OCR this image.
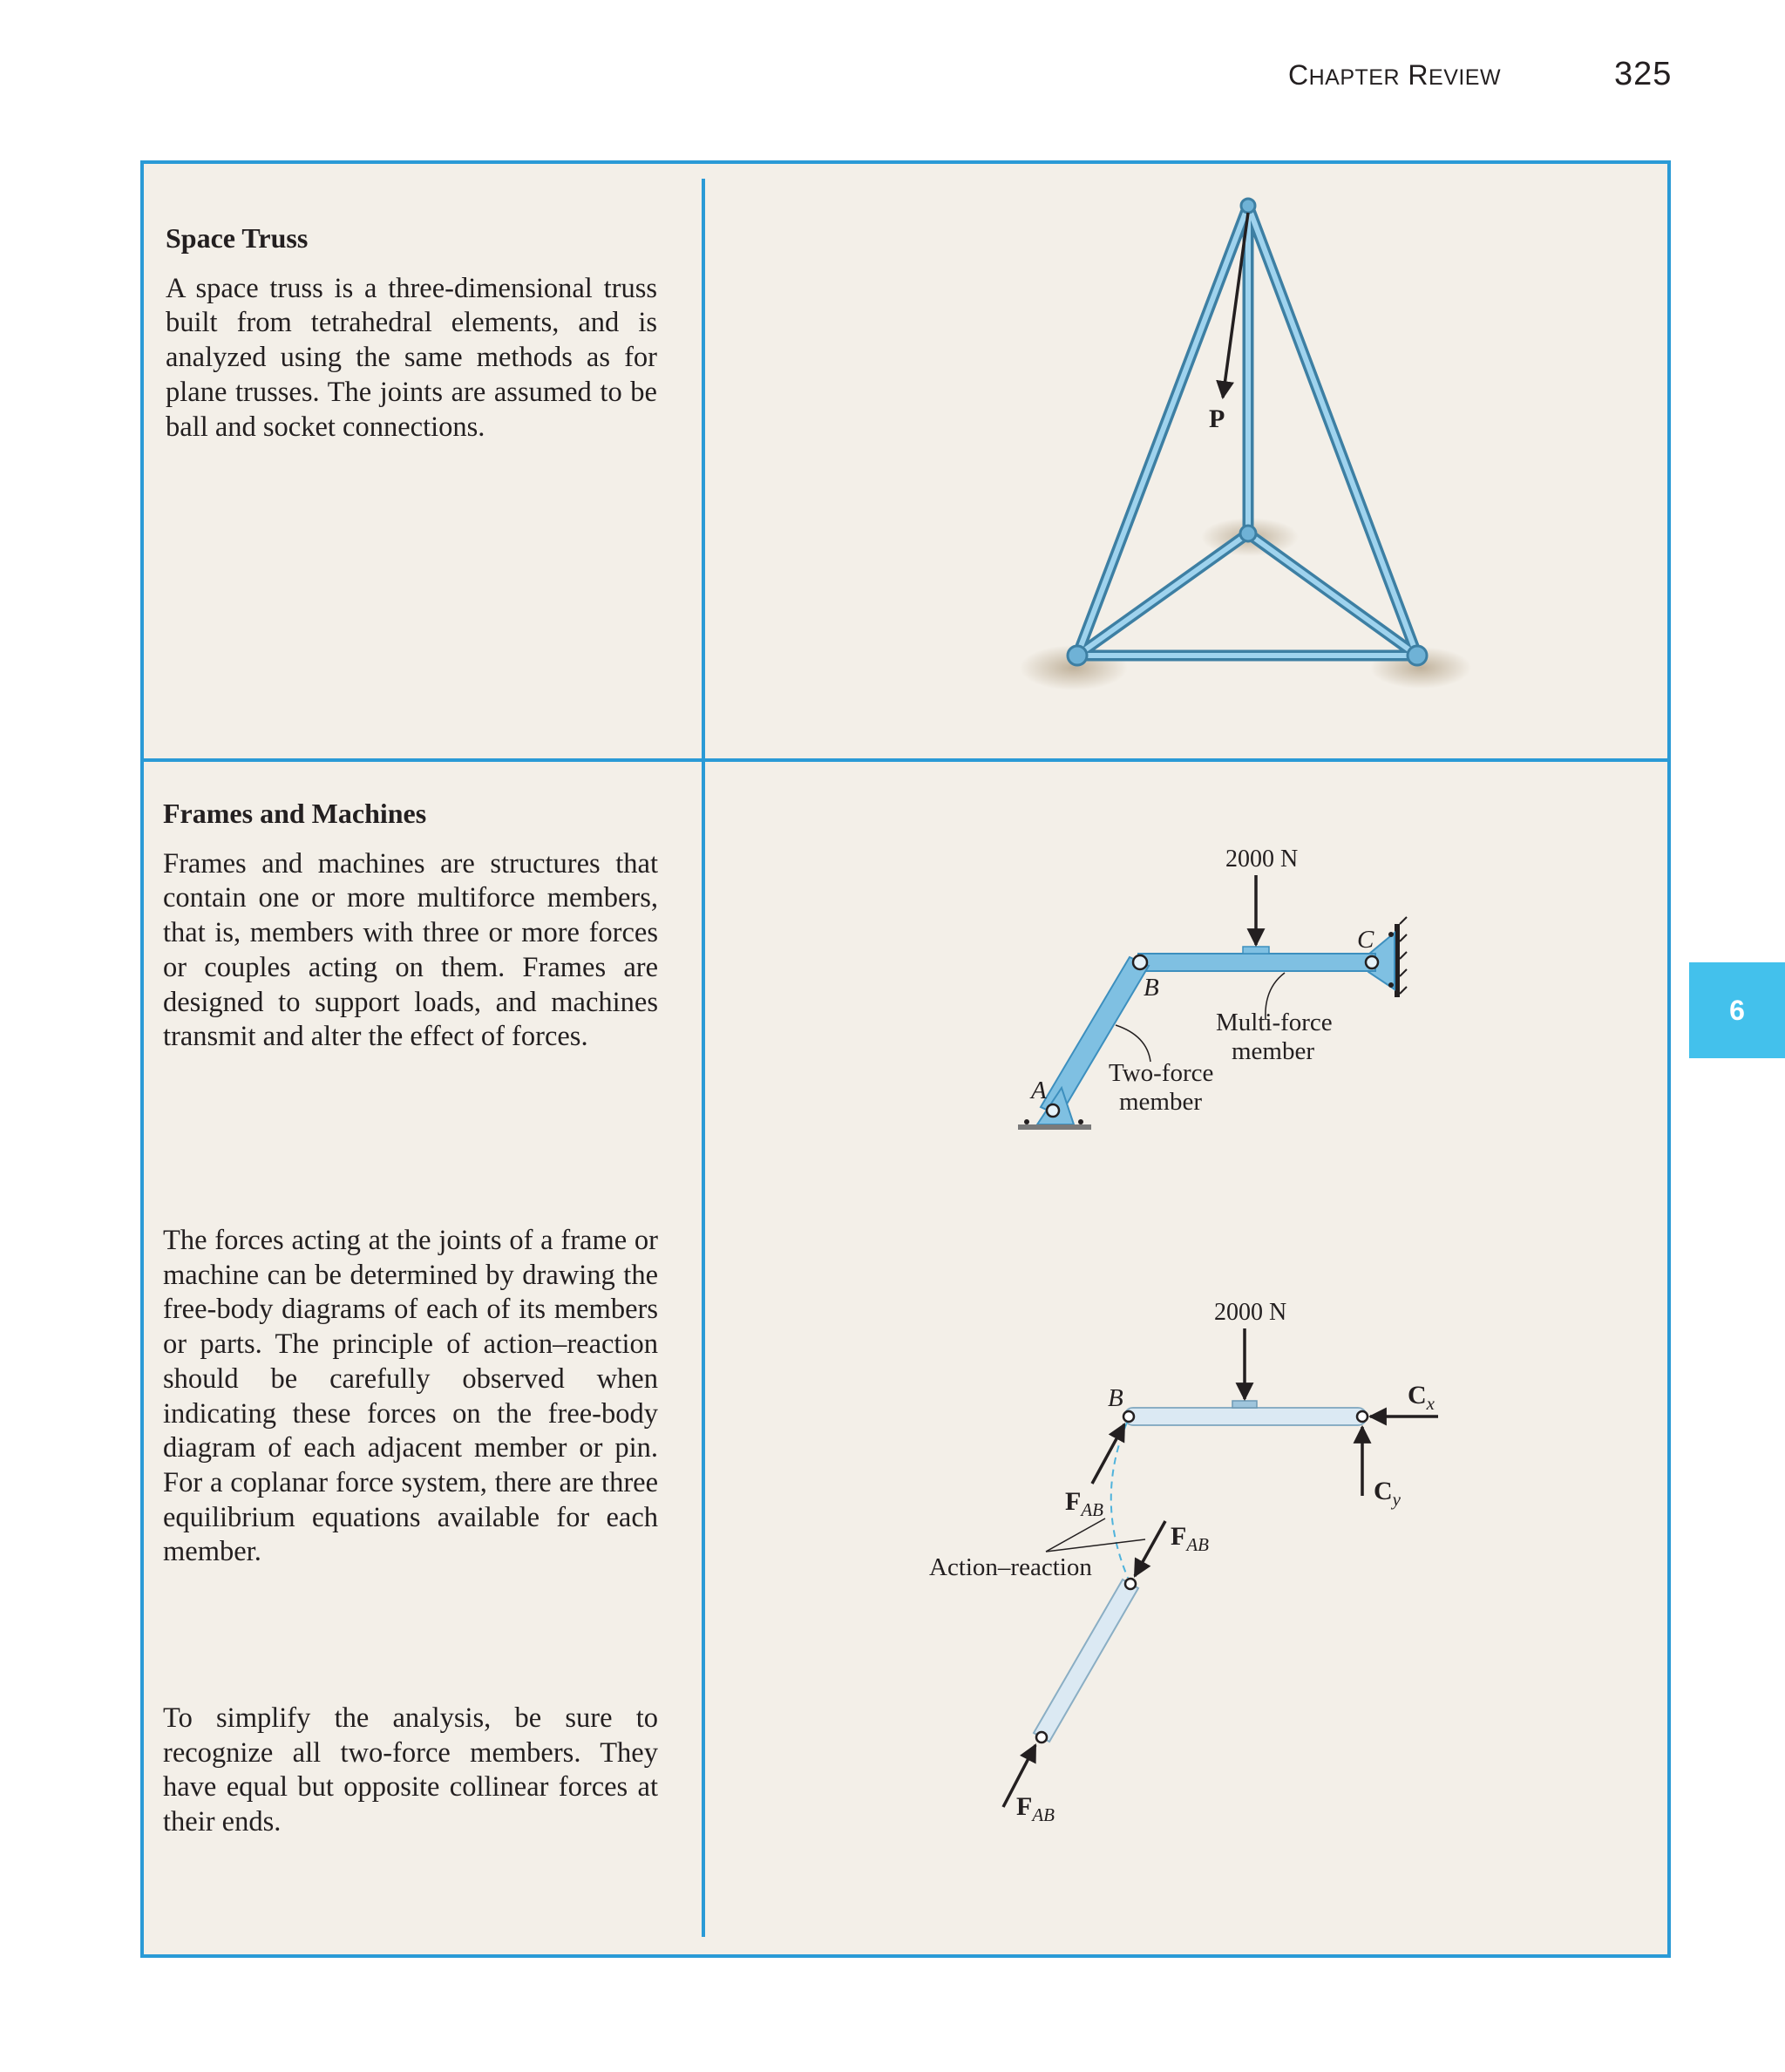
CHAPTER REVIEW	325
6
Space Truss

A space truss is a three-dimensional truss built from tetrahedral elements, and is analyzed using the same methods as for plane trusses. The joints are assumed to be ball and socket connections.

Frames and Machines

Frames and machines are structures that contain one or more multiforce members, that is, members with three or more forces or couples acting on them. Frames are designed to support loads, and machines transmit and alter the effect of forces.

The forces acting at the joints of a frame or machine can be determined by drawing the free-body diagrams of each of its members or parts. The principle of action–reaction should be carefully observed when indicating these forces on the free-body diagram of each adjacent member or pin. For a coplanar force system, there are three equilibrium equations available for each member.

To simplify the analysis, be sure to recognize all two-force members. They have equal but opposite collinear forces at their ends.

P
2000 N
A
B
C
Multi-force
member
Two-force
member
2000 N
B	$C_x$
$C_y$
$F_{AB}$
$F_{AB}$
$F_{AB}$
Action–reaction
